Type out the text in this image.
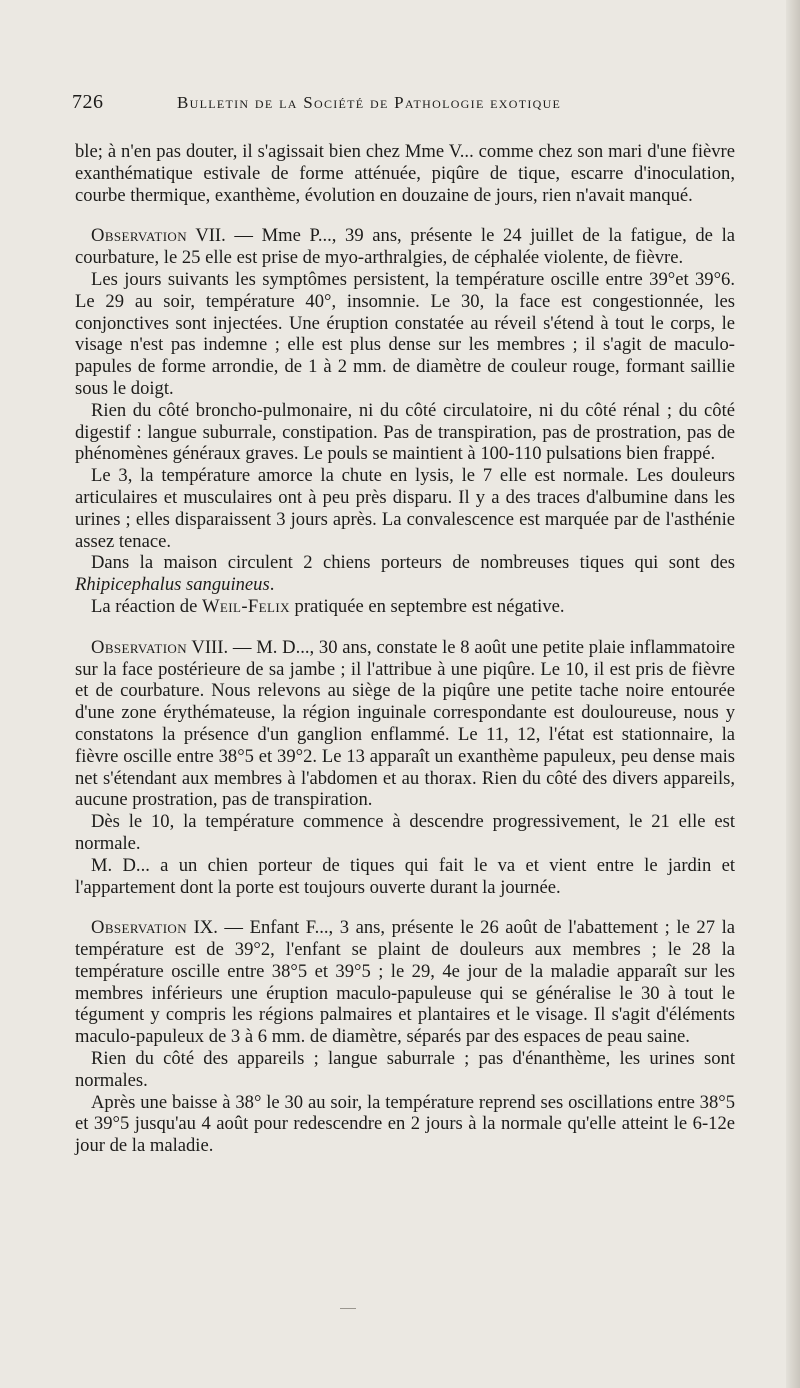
726	Bulletin de la Société de Pathologie exotique

ble; à n'en pas douter, il s'agissait bien chez Mme V... comme chez son mari d'une fièvre exanthématique estivale de forme atténuée, piqûre de tique, escarre d'inoculation, courbe thermique, exanthème, évolution en douzaine de jours, rien n'avait manqué.

Observation VII. — Mme P..., 39 ans, présente le 24 juillet de la fatigue, de la courbature, le 25 elle est prise de myo-arthralgies, de céphalée violente, de fièvre.

Les jours suivants les symptômes persistent, la température oscille entre 39°et 39°6. Le 29 au soir, température 40°, insomnie. Le 30, la face est congestionnée, les conjonctives sont injectées. Une éruption constatée au réveil s'étend à tout le corps, le visage n'est pas indemne ; elle est plus dense sur les membres ; il s'agit de maculo-papules de forme arrondie, de 1 à 2 mm. de diamètre de couleur rouge, formant saillie sous le doigt.

Rien du côté broncho-pulmonaire, ni du côté circulatoire, ni du côté rénal ; du côté digestif : langue suburrale, constipation. Pas de transpiration, pas de prostration, pas de phénomènes généraux graves. Le pouls se maintient à 100-110 pulsations bien frappé.

Le 3, la température amorce la chute en lysis, le 7 elle est normale. Les douleurs articulaires et musculaires ont à peu près disparu. Il y a des traces d'albumine dans les urines ; elles disparaissent 3 jours après. La convalescence est marquée par de l'asthénie assez tenace.

Dans la maison circulent 2 chiens porteurs de nombreuses tiques qui sont des Rhipicephalus sanguineus.

La réaction de Weil-Felix pratiquée en septembre est négative.

Observation VIII. — M. D..., 30 ans, constate le 8 août une petite plaie inflammatoire sur la face postérieure de sa jambe ; il l'attribue à une piqûre. Le 10, il est pris de fièvre et de courbature. Nous relevons au siège de la piqûre une petite tache noire entourée d'une zone érythémateuse, la région inguinale correspondante est douloureuse, nous y constatons la présence d'un ganglion enflammé. Le 11, 12, l'état est stationnaire, la fièvre oscille entre 38°5 et 39°2. Le 13 apparaît un exanthème papuleux, peu dense mais net s'étendant aux membres à l'abdomen et au thorax. Rien du côté des divers appareils, aucune prostration, pas de transpiration.

Dès le 10, la température commence à descendre progressivement, le 21 elle est normale.

M. D... a un chien porteur de tiques qui fait le va et vient entre le jardin et l'appartement dont la porte est toujours ouverte durant la journée.

Observation IX. — Enfant F..., 3 ans, présente le 26 août de l'abattement ; le 27 la température est de 39°2, l'enfant se plaint de douleurs aux membres ; le 28 la température oscille entre 38°5 et 39°5 ; le 29, 4e jour de la maladie apparaît sur les membres inférieurs une éruption maculo-papuleuse qui se généralise le 30 à tout le tégument y compris les régions palmaires et plantaires et le visage. Il s'agit d'éléments maculo-papuleux de 3 à 6 mm. de diamètre, séparés par des espaces de peau saine.

Rien du côté des appareils ; langue saburrale ; pas d'énanthème, les urines sont normales.

Après une baisse à 38° le 30 au soir, la température reprend ses oscillations entre 38°5 et 39°5 jusqu'au 4 août pour redescendre en 2 jours à la normale qu'elle atteint le 6-12e jour de la maladie.
